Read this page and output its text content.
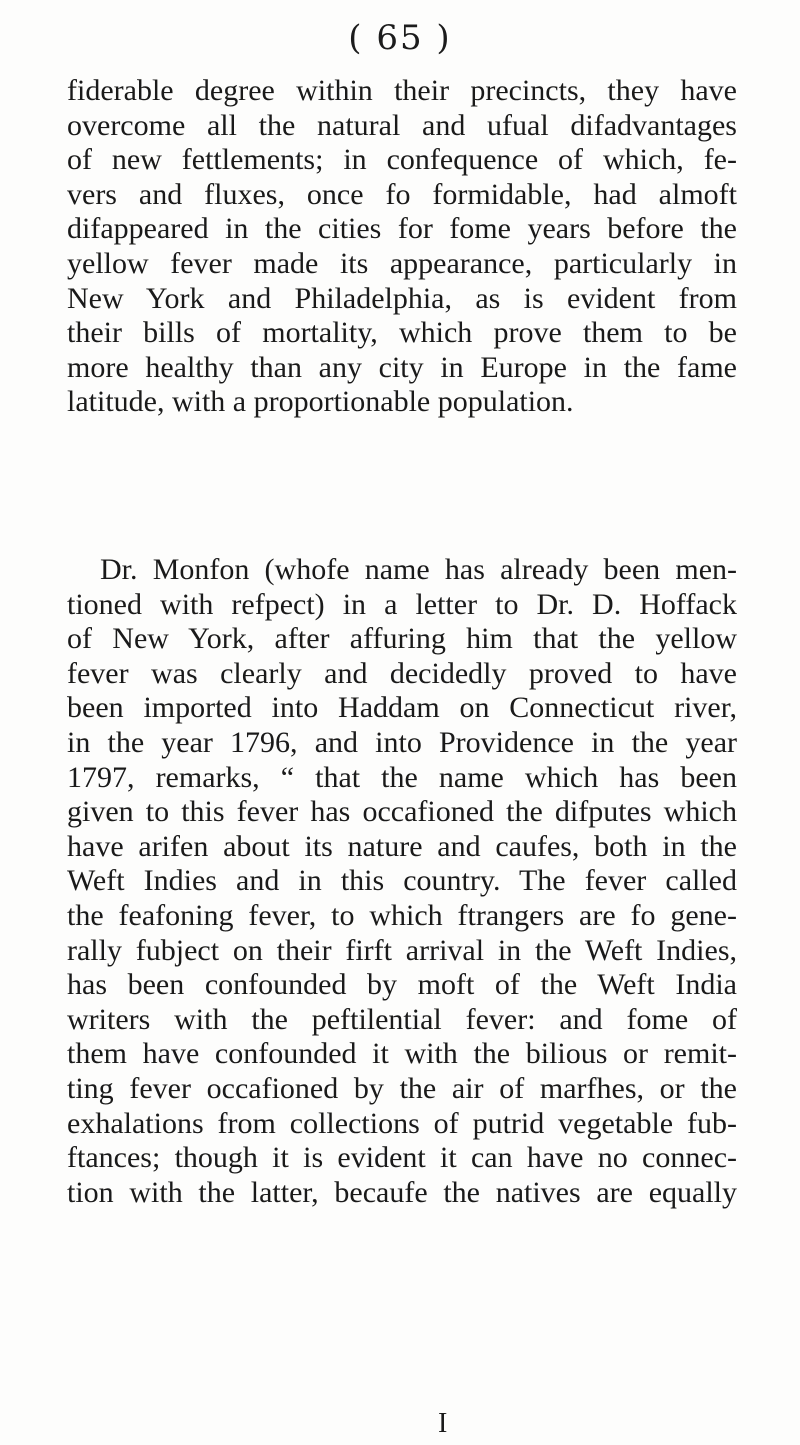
( 65 )
fiderable degree within their precincts, they have
overcome all the natural and ufual difadvantages
of new fettlements; in confequence of which, fe-
vers and fluxes, once fo formidable, had almoft
difappeared in the cities for fome years before the
yellow fever made its appearance, particularly in
New York and Philadelphia, as is evident from
their bills of mortality, which prove them to be
more healthy than any city in Europe in the fame
latitude, with a proportionable population.
Dr. Monfon (whofe name has already been men-
tioned with refpect) in a letter to Dr. D. Hoffack
of New York, after affuring him that the yellow
fever was clearly and decidedly proved to have
been imported into Haddam on Connecticut river,
in the year 1796, and into Providence in the year
1797, remarks, “ that the name which has been
given to this fever has occafioned the difputes which
have arifen about its nature and caufes, both in the
Weft Indies and in this country. The fever called
the feafoning fever, to which ftrangers are fo gene-
rally fubject on their firft arrival in the Weft Indies,
has been confounded by moft of the Weft India
writers with the peftilential fever: and fome of
them have confounded it with the bilious or remit-
ting fever occafioned by the air of marfhes, or the
exhalations from collections of putrid vegetable fub-
ftances; though it is evident it can have no connec-
tion with the latter, becaufe the natives are equally
I
